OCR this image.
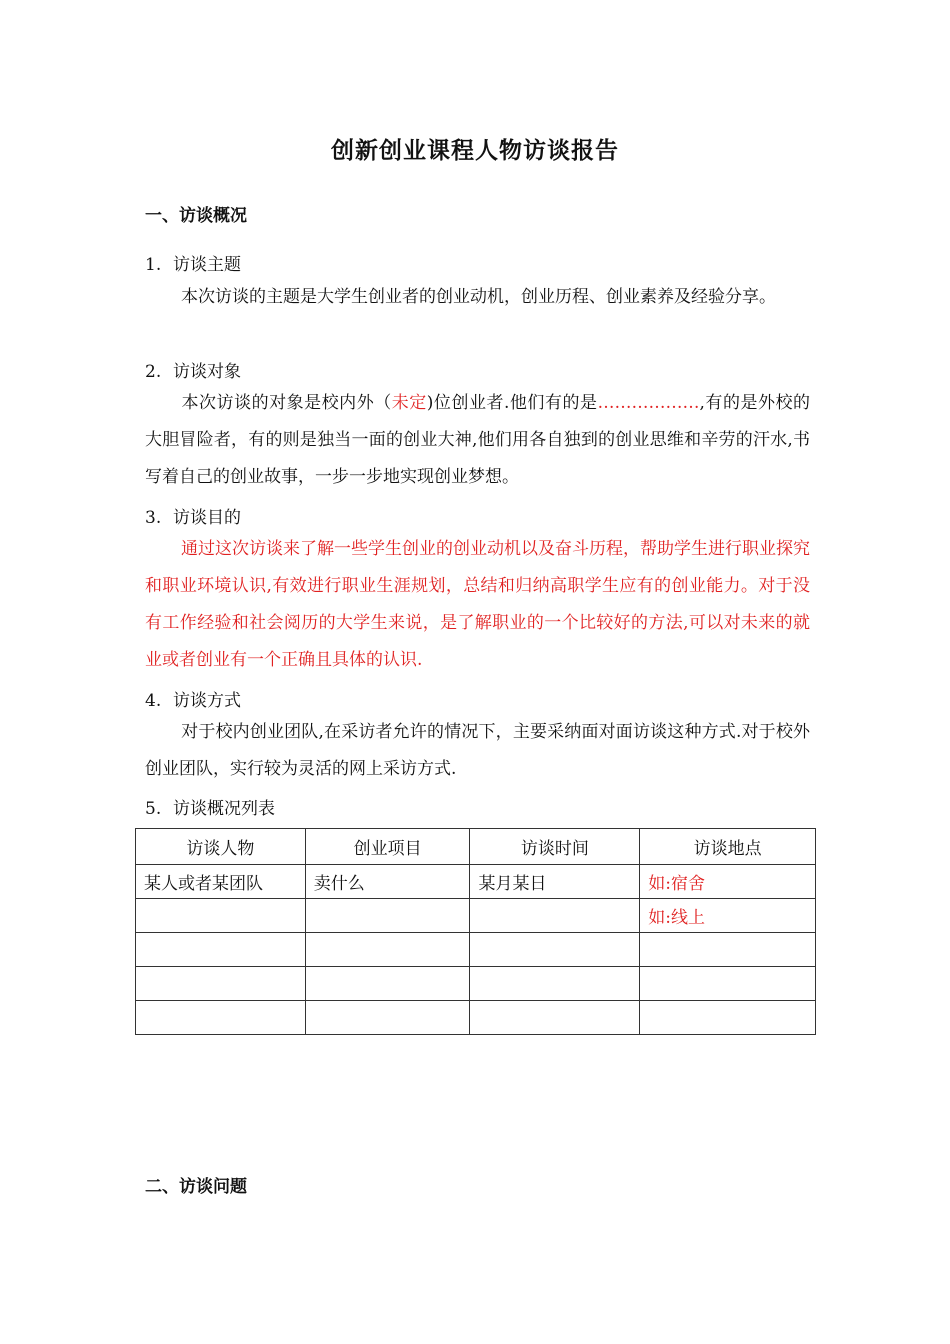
创新创业课程人物访谈报告
一、访谈概况
1. 访谈主题
本次访谈的主题是大学生创业者的创业动机，创业历程、创业素养及经验分享。
2. 访谈对象
本次访谈的对象是校内外（未定)位创业者.他们有的是………………,有的是外校的大胆冒险者，有的则是独当一面的创业大神,他们用各自独到的创业思维和辛劳的汗水,书写着自己的创业故事，一步一步地实现创业梦想。
3. 访谈目的
通过这次访谈来了解一些学生创业的创业动机以及奋斗历程，帮助学生进行职业探究和职业环境认识,有效进行职业生涯规划，总结和归纳高职学生应有的创业能力。对于没有工作经验和社会阅历的大学生来说，是了解职业的一个比较好的方法,可以对未来的就业或者创业有一个正确且具体的认识.
4. 访谈方式
对于校内创业团队,在采访者允许的情况下，主要采纳面对面访谈这种方式.对于校外创业团队，实行较为灵活的网上采访方式.
5. 访谈概况列表
访谈人物	创业项目	访谈时间	访谈地点
某人或者某团队	卖什么	某月某日	如:宿舍
			如:线上

二、访谈问题
